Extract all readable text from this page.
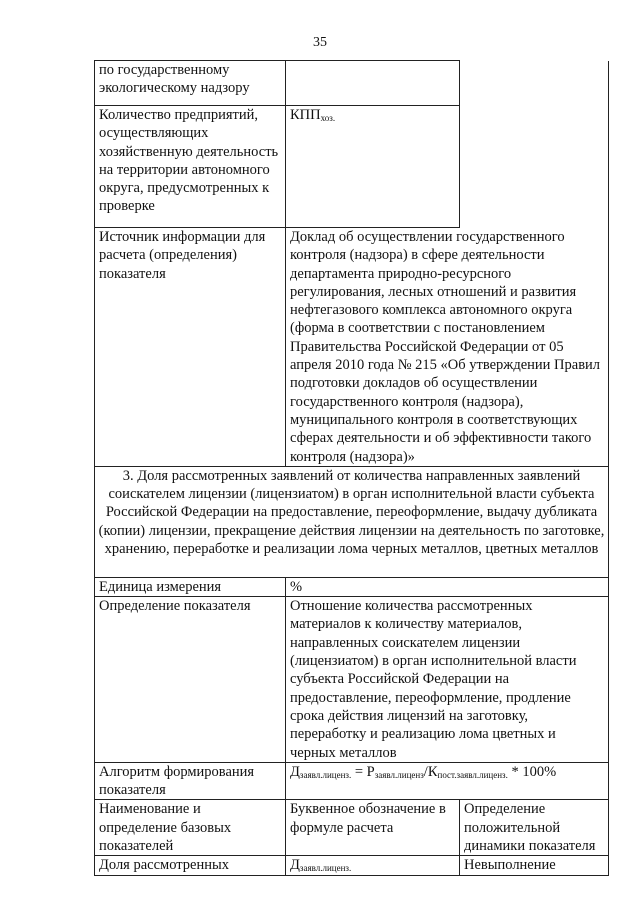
35
по государственному экологическому надзору		
Количество предприятий, осуществляющих хозяйственную деятельность на территории автономного округа, предусмотренных к проверке	$КПП_{хоз.}$
Источник информации для расчета (определения) показателя	Доклад об осуществлении государственного контроля (надзора) в сфере деятельности департамента природно-ресурсного регулирования, лесных отношений и развития нефтегазового комплекса автономного округа (форма в соответствии с постановлением Правительства Российской Федерации от 05 апреля 2010 года № 215 «Об утверждении Правил подготовки докладов об осуществлении государственного контроля (надзора), муниципального контроля в соответствующих сферах деятельности и об эффективности такого контроля (надзора)»	
3. Доля рассмотренных заявлений от количества направленных заявлений соискателем лицензии (лицензиатом) в орган исполнительной власти субъекта Российской Федерации на предоставление, переоформление, выдачу дубликата (копии) лицензии, прекращение действия лицензии на деятельность по заготовке, хранению, переработке и реализации лома черных металлов, цветных металлов		
Единица измерения	%	
Определение показателя	Отношение количества рассмотренных материалов к количеству материалов, направленных соискателем лицензии (лицензиатом) в орган исполнительной власти субъекта Российской Федерации на предоставление, переоформление, продление срока действия лицензий на заготовку, переработку и реализацию лома цветных и черных металлов	
Алгоритм формирования показателя	$Д_{заявл.лиценз.} = Р_{заявл.лиценз}/К_{пост.заявл.лиценз.} * 100\%$	
Наименование и определение базовых показателей	Буквенное обозначение в формуле расчета	Определение положительной динамики показателя
Доля рассмотренных	$Д_{заявл.лиценз.}$	Невыполнение
